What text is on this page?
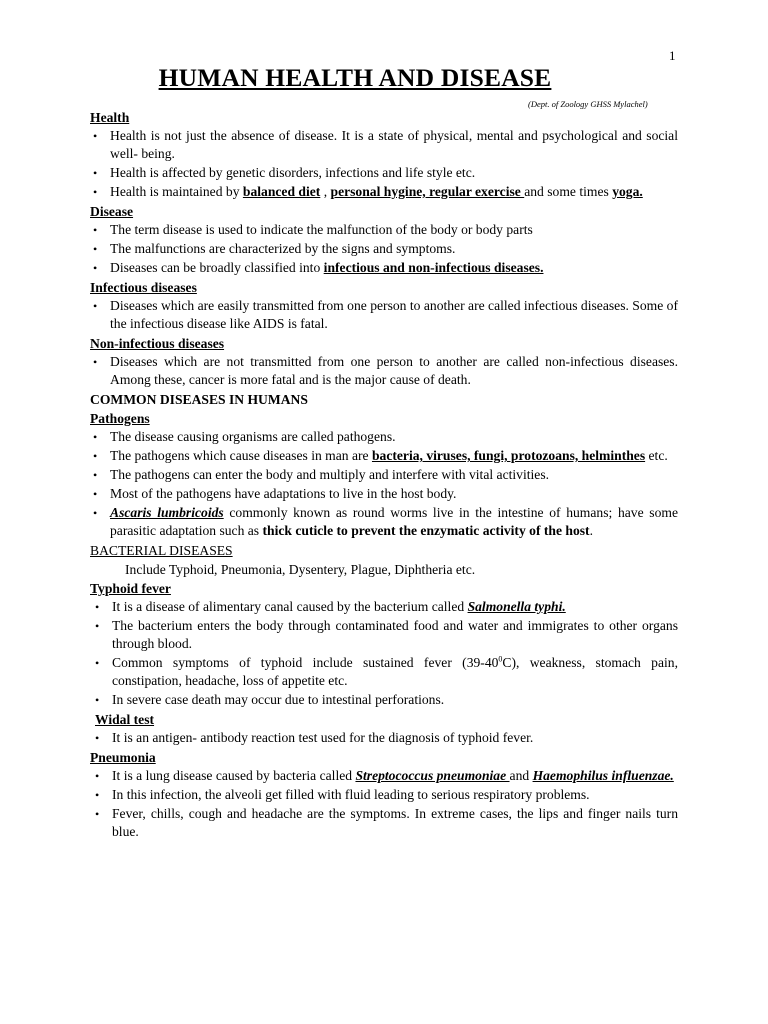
1
HUMAN HEALTH AND DISEASE
(Dept. of Zoology GHSS Mylachel)
Health
• Health is not just the absence of disease. It is a state of physical, mental and psychological and social well- being.
• Health is affected by genetic disorders, infections and life style etc.
• Health is maintained by balanced diet , personal hygine, regular exercise and some times yoga.
Disease
• The term disease is used to indicate the malfunction of the body or body parts
• The malfunctions are characterized by the signs and symptoms.
• Diseases can be broadly classified into infectious and non-infectious diseases.
Infectious diseases
• Diseases which are easily transmitted from one person to another are called infectious diseases. Some of the infectious disease like AIDS is fatal.
Non-infectious diseases
• Diseases which are not transmitted from one person to another are called non-infectious diseases. Among these, cancer is more fatal and is the major cause of death.
COMMON DISEASES IN HUMANS
Pathogens
• The disease causing organisms are called pathogens.
• The pathogens which cause diseases in man are bacteria, viruses, fungi, protozoans, helminthes etc.
• The pathogens can enter the body and multiply and interfere with vital activities.
• Most of the pathogens have adaptations to live in the host body.
• Ascaris lumbricoids commonly known as round worms live in the intestine of humans; have some parasitic adaptation such as thick cuticle to prevent the enzymatic activity of the host.
BACTERIAL DISEASES
Include Typhoid, Pneumonia, Dysentery, Plague, Diphtheria etc.
Typhoid fever
• It is a disease of alimentary canal caused by the bacterium called Salmonella typhi.
• The bacterium enters the body through contaminated food and water and immigrates to other organs through blood.
• Common symptoms of typhoid include sustained fever $(39-40^0C)$, weakness, stomach pain, constipation, headache, loss of appetite etc.
• In severe case death may occur due to intestinal perforations.
Widal test
• It is an antigen- antibody reaction test used for the diagnosis of typhoid fever.
Pneumonia
• It is a lung disease caused by bacteria called Streptococcus pneumoniae and Haemophilus influenzae.
• In this infection, the alveoli get filled with fluid leading to serious respiratory problems.
• Fever, chills, cough and headache are the symptoms. In extreme cases, the lips and finger nails turn blue.
